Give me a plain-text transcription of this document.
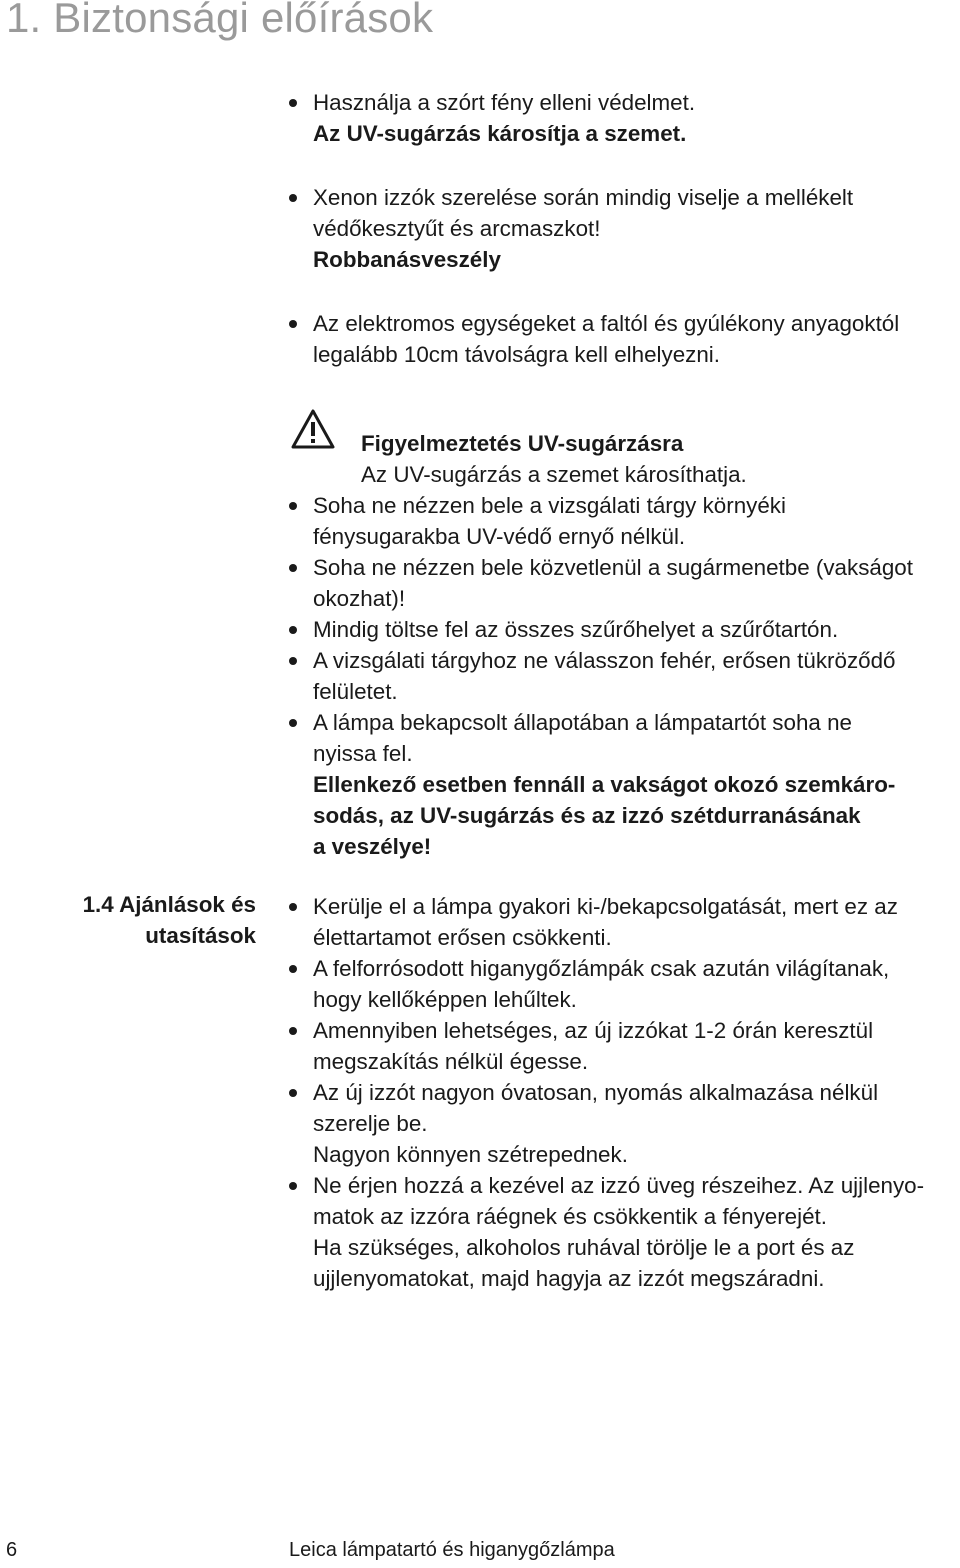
1. Biztonsági előírások
Használja a szórt fény elleni védelmet.
Az UV-sugárzás károsítja a szemet.
Xenon izzók szerelése során mindig viselje a mellékelt
védőkesztyűt és arcmaszkot!
Robbanásveszély
Az elektromos egységeket a faltól és gyúlékony anyagoktól
legalább 10cm távolságra kell elhelyezni.
Figyelmeztetés UV-sugárzásra
Az UV-sugárzás a szemet károsíthatja.
Soha ne nézzen bele a vizsgálati tárgy környéki
fénysugarakba UV-védő ernyő nélkül.
Soha ne nézzen bele közvetlenül a sugármenetbe (vakságot
okozhat)!
Mindig töltse fel az összes szűrőhelyet a szűrőtartón.
A vizsgálati tárgyhoz ne válasszon fehér, erősen tükröződő
felületet.
A lámpa bekapcsolt állapotában a lámpatartót soha ne
nyissa fel.
Ellenkező esetben fennáll a vakságot okozó szemkáro-
sodás, az UV-sugárzás és az izzó szétdurranásának
a veszélye!
1.4 Ajánlások és
utasítások
Kerülje el a lámpa gyakori ki-/bekapcsolgatását, mert ez az
élettartamot erősen csökkenti.
A felforrósodott higanygőzlámpák csak azután világítanak,
hogy kellőképpen lehűltek.
Amennyiben lehetséges, az új izzókat 1-2 órán keresztül
megszakítás nélkül égesse.
Az új izzót nagyon óvatosan, nyomás alkalmazása nélkül
szerelje be.
Nagyon könnyen szétrepednek.
Ne érjen hozzá a kezével az izzó üveg részeihez. Az ujjlenyo-
matok az izzóra ráégnek és csökkentik a fényerejét.
Ha szükséges, alkoholos ruhával törölje le a port és az
ujjlenyomatokat, majd hagyja az izzót megszáradni.
6	Leica lámpatartó és higanygőzlámpa
